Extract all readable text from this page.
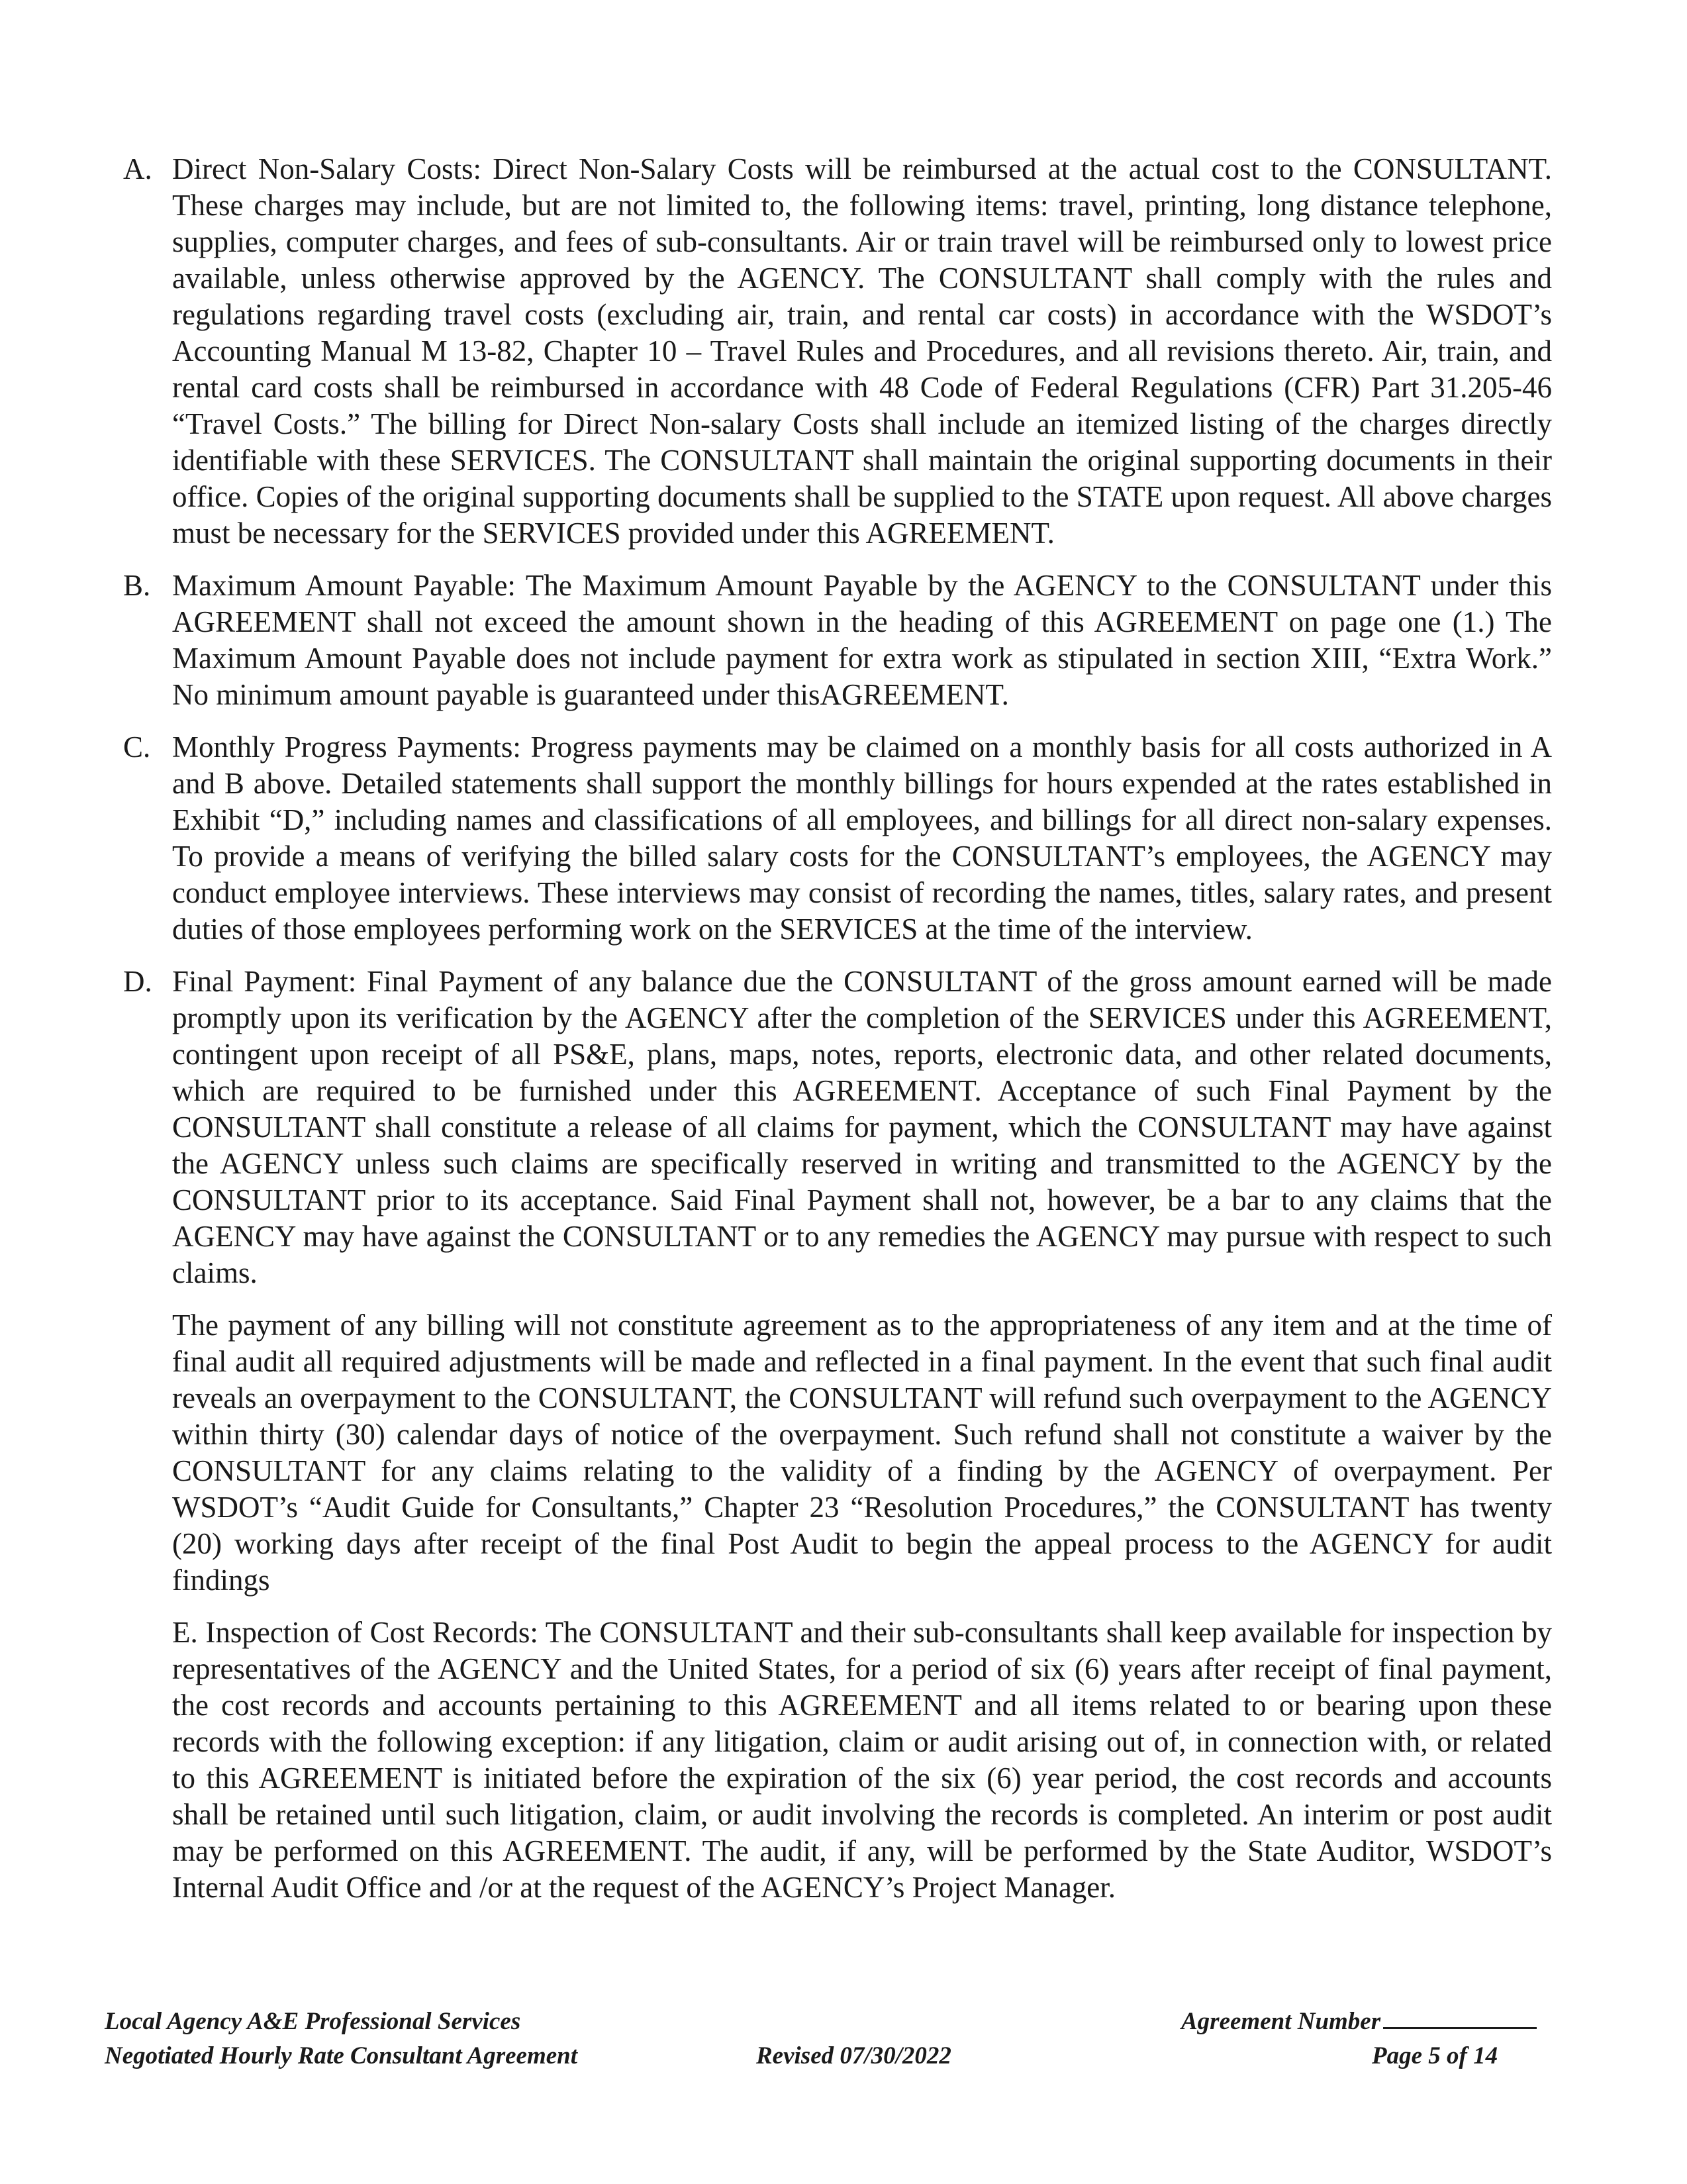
A. Direct Non-Salary Costs: Direct Non-Salary Costs will be reimbursed at the actual cost to the CONSULTANT. These charges may include, but are not limited to, the following items: travel, printing, long distance telephone, supplies, computer charges, and fees of sub-consultants. Air or train travel will be reimbursed only to lowest price available, unless otherwise approved by the AGENCY. The CONSULTANT shall comply with the rules and regulations regarding travel costs (excluding air, train, and rental car costs) in accordance with the WSDOT’s Accounting Manual M 13-82, Chapter 10 – Travel Rules and Procedures, and all revisions thereto. Air, train, and rental card costs shall be reimbursed in accordance with 48 Code of Federal Regulations (CFR) Part 31.205-46 “Travel Costs.” The billing for Direct Non-salary Costs shall include an itemized listing of the charges directly identifiable with these SERVICES. The CONSULTANT shall maintain the original supporting documents in their office. Copies of the original supporting documents shall be supplied to the STATE upon request. All above charges must be necessary for the SERVICES provided under this AGREEMENT.
B. Maximum Amount Payable: The Maximum Amount Payable by the AGENCY to the CONSULTANT under this AGREEMENT shall not exceed the amount shown in the heading of this AGREEMENT on page one (1.) The Maximum Amount Payable does not include payment for extra work as stipulated in section XIII, “Extra Work.” No minimum amount payable is guaranteed under thisAGREEMENT.
C. Monthly Progress Payments: Progress payments may be claimed on a monthly basis for all costs authorized in A and B above. Detailed statements shall support the monthly billings for hours expended at the rates established in Exhibit “D,” including names and classifications of all employees, and billings for all direct non-salary expenses. To provide a means of verifying the billed salary costs for the CONSULTANT’s employees, the AGENCY may conduct employee interviews. These interviews may consist of recording the names, titles, salary rates, and present duties of those employees performing work on the SERVICES at the time of the interview.
D. Final Payment: Final Payment of any balance due the CONSULTANT of the gross amount earned will be made promptly upon its verification by the AGENCY after the completion of the SERVICES under this AGREEMENT, contingent upon receipt of all PS&E, plans, maps, notes, reports, electronic data, and other related documents, which are required to be furnished under this AGREEMENT. Acceptance of such Final Payment by the CONSULTANT shall constitute a release of all claims for payment, which the CONSULTANT may have against the AGENCY unless such claims are specifically reserved in writing and transmitted to the AGENCY by the CONSULTANT prior to its acceptance. Said Final Payment shall not, however, be a bar to any claims that the AGENCY may have against the CONSULTANT or to any remedies the AGENCY may pursue with respect to such claims.
The payment of any billing will not constitute agreement as to the appropriateness of any item and at the time of final audit all required adjustments will be made and reflected in a final payment. In the event that such final audit reveals an overpayment to the CONSULTANT, the CONSULTANT will refund such overpayment to the AGENCY within thirty (30) calendar days of notice of the overpayment. Such refund shall not constitute a waiver by the CONSULTANT for any claims relating to the validity of a finding by the AGENCY of overpayment. Per WSDOT’s “Audit Guide for Consultants,” Chapter 23 “Resolution Procedures,” the CONSULTANT has twenty (20) working days after receipt of the final Post Audit to begin the appeal process to the AGENCY for audit findings
E. Inspection of Cost Records: The CONSULTANT and their sub-consultants shall keep available for inspection by representatives of the AGENCY and the United States, for a period of six (6) years after receipt of final payment, the cost records and accounts pertaining to this AGREEMENT and all items related to or bearing upon these records with the following exception: if any litigation, claim or audit arising out of, in connection with, or related to this AGREEMENT is initiated before the expiration of the six (6) year period, the cost records and accounts shall be retained until such litigation, claim, or audit involving the records is completed. An interim or post audit may be performed on this AGREEMENT. The audit, if any, will be performed by the State Auditor, WSDOT’s Internal Audit Office and /or at the request of the AGENCY’s Project Manager.
Local Agency A&E Professional Services
Negotiated Hourly Rate Consultant Agreement	Revised 07/30/2022
Agreement Number
Page 5 of 14
